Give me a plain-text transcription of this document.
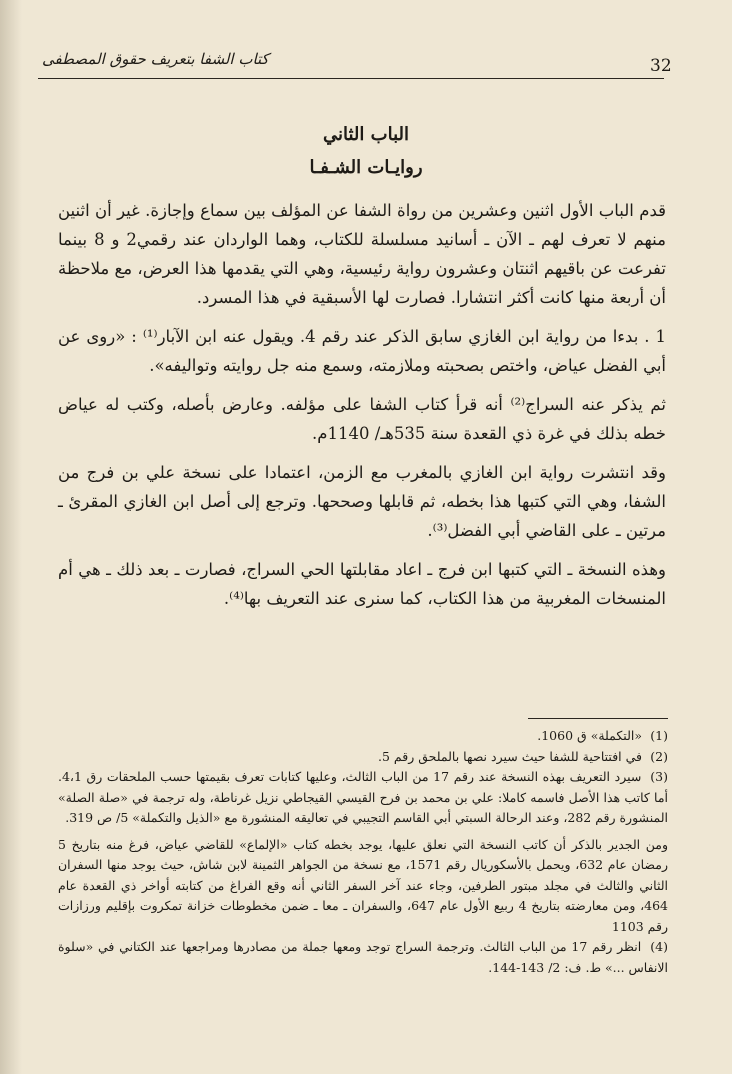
كتاب الشفا بتعريف حقوق المصطفى	32
الباب الثاني
روايـات الشـفـا

قدم الباب الأول اثنين وعشرين من رواة الشفا عن المؤلف بين سماع وإجازة. غير أن اثنين منهم لا تعرف لهم ـ الآن ـ أسانيد مسلسلة للكتاب، وهما الواردان عند رقمي2 و 8 بينما تفرعت عن باقيهم اثنتان وعشرون رواية رئيسية، وهي التي يقدمها هذا العرض، مع ملاحظة أن أربعة منها كانت أكثر انتشارا. فصارت لها الأسبقية في هذا المسرد.

1 . بدءا من رواية ابن الغازي سابق الذكر عند رقم 4. ويقول عنه ابن الآبار⁽¹⁾ : «روى عن أبي الفضل عياض، واختص بصحبته وملازمته، وسمع منه جل روايته وتواليفه».

ثم يذكر عنه السراج⁽²⁾ أنه قرأ كتاب الشفا على مؤلفه. وعارض بأصله، وكتب له عياض خطه بذلك في غرة ذي القعدة سنة 535هـ/ 1140م.

وقد انتشرت رواية ابن الغازي بالمغرب مع الزمن، اعتمادا على نسخة علي بن فرج من الشفا، وهي التي كتبها هذا بخطه، ثم قابلها وصححها. وترجع إلى أصل ابن الغازي المقرئ ـ مرتين ـ على القاضي أبي الفضل⁽³⁾.

وهذه النسخة ـ التي كتبها ابن فرج ـ اعاد مقابلتها الحي السراج، فصارت ـ بعد ذلك ـ هي أم المنسخات المغربية من هذا الكتاب، كما سنرى عند التعريف بها⁽⁴⁾.

(1) «التكملة» ق 1060.

(2) في افتتاحية للشفا حيث سيرد نصها بالملحق رقم 5.

(3) سيرد التعريف بهذه النسخة عند رقم 17 من الباب الثالث، وعليها كتابات تعرف بقيمتها حسب الملحقات رق 4،1. أما كاتب هذا الأصل فاسمه كاملا: علي بن محمد بن فرح القيسي القيجاطي نزيل غرناطة، وله ترجمة في «صلة الصلة» المنشورة رقم 282، وعند الرحالة السبتي أبي القاسم التجيبي في تعاليقه المنشورة مع «الذيل والتكملة» 5/ ص 319.

ومن الجدير بالذكر أن كاتب النسخة التي نعلق عليها، يوجد بخطه كتاب «الإلماع» للقاضي عياض، فرغ منه بتاريخ 5 رمضان عام 632، ويحمل بالأسكوريال رقم 1571، مع نسخة من الجواهر الثمينة لابن شاش، حيث يوجد منها السفران الثاني والثالث في مجلد مبتور الطرفين، وجاء عند آخر السفر الثاني أنه وقع الفراغ من كتابته أواخر ذي القعدة عام 464، ومن معارضته بتاريخ 4 ربيع الأول عام 647، والسفران ـ معا ـ ضمن مخطوطات خزانة تمكروت بإقليم ورزازات رقم 1103

(4) انظر رقم 17 من الباب الثالث. وترجمة السراج توجد ومعها جملة من مصادرها ومراجعها عند الكتاني في «سلوة الانفاس ...» ط. ف: 2/ 143-144.
